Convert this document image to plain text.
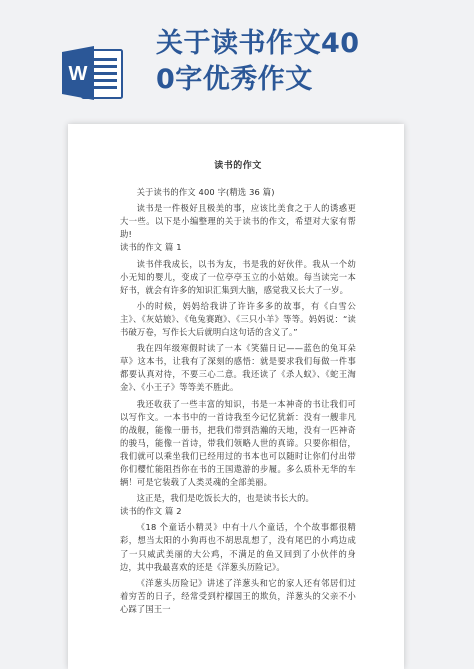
W
关于读书作文40
0字优秀作文
读书的作文

关于读书的作文 400 字(精选 36 篇)

读书是一件极好且极美的事，应该比美食之于人的诱惑更大一些。以下是小编整理的关于读书的作文，希望对大家有帮助!

读书的作文 篇 1

读书伴我成长，以书为友，书是我的好伙伴。我从一个幼小无知的婴儿，变成了一位亭亭玉立的小姑娘。每当读完一本好书，就会有许多的知识汇集到大脑，感觉我又长大了一岁。

小的时候，妈妈给我讲了许许多多的故事，有《白雪公主》、《灰姑娘》、《龟兔赛跑》、《三只小羊》等等。妈妈说：“读书破万卷，写作长大后就明白这句话的含义了。”

我在四年级寒假时读了一本《笑猫日记——蓝色的兔耳朵草》这本书，让我有了深刻的感悟：就是要求我们每做一件事都要认真对待，不要三心二意。我还读了《杀人蚁》、《蛇王淘金》、《小王子》等等美不胜此。

我还收获了一些丰富的知识，书是一本神奇的书让我们可以写作文。一本书中的一首诗我至今记忆犹新：没有一艘非凡的战舰，能像一册书，把我们带到浩瀚的天地，没有一匹神奇的骏马，能像一首诗，带我们领略人世的真谛。只要你相信，我们就可以乘坐我们已经用过的书本也可以随时让你们付出带你们樱忙能阻挡你在书的王国遨游的步履。多么质朴无华的车辆！可是它装载了人类灵魂的全部美丽。

这正是，我们是吃饭长大的，也是读书长大的。

读书的作文 篇 2

《18 个童话小精灵》中有十八个童话，个个故事都很精彩，想当太阳的小狗再也不胡思乱想了，没有尾巴的小鸡边成了一只威武美丽的大公鸡，不满足的鱼又回到了小伙伴的身边，其中我最喜欢的还是《洋葱头历险记》。

《洋葱头历险记》讲述了洋葱头和它的家人还有邻居们过着穷苦的日子，经常受到柠檬国王的欺负，洋葱头的父亲不小心踩了国王一
